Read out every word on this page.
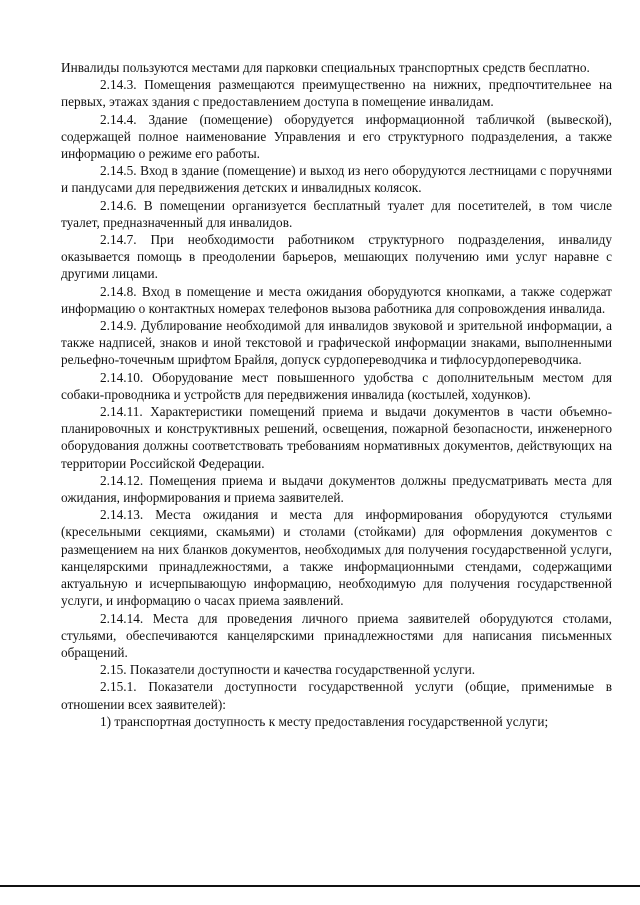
Инвалиды пользуются местами для парковки специальных транспортных средств бесплатно.

2.14.3. Помещения размещаются преимущественно на нижних, предпочтительнее на первых, этажах здания с предоставлением доступа в помещение инвалидам.

2.14.4. Здание (помещение) оборудуется информационной табличкой (вывеской), содержащей полное наименование Управления и его структурного подразделения, а также информацию о режиме его работы.

2.14.5. Вход в здание (помещение) и выход из него оборудуются лестницами с поручнями и пандусами для передвижения детских и инвалидных колясок.

2.14.6. В помещении организуется бесплатный туалет для посетителей, в том числе туалет, предназначенный для инвалидов.

2.14.7. При необходимости работником структурного подразделения, инвалиду оказывается помощь в преодолении барьеров, мешающих получению ими услуг наравне с другими лицами.

2.14.8. Вход в помещение и места ожидания оборудуются кнопками, а также содержат информацию о контактных номерах телефонов вызова работника для сопровождения инвалида.

2.14.9. Дублирование необходимой для инвалидов звуковой и зрительной информации, а также надписей, знаков и иной текстовой и графической информации знаками, выполненными рельефно-точечным шрифтом Брайля, допуск сурдопереводчика и тифлосурдопереводчика.

2.14.10. Оборудование мест повышенного удобства с дополнительным местом для собаки-проводника и устройств для передвижения инвалида (костылей, ходунков).

2.14.11. Характеристики помещений приема и выдачи документов в части объемно-планировочных и конструктивных решений, освещения, пожарной безопасности, инженерного оборудования должны соответствовать требованиям нормативных документов, действующих на территории Российской Федерации.

2.14.12. Помещения приема и выдачи документов должны предусматривать места для ожидания, информирования и приема заявителей.

2.14.13. Места ожидания и места для информирования оборудуются стульями (кресельными секциями, скамьями) и столами (стойками) для оформления документов с размещением на них бланков документов, необходимых для получения государственной услуги, канцелярскими принадлежностями, а также информационными стендами, содержащими актуальную и исчерпывающую информацию, необходимую для получения государственной услуги, и информацию о часах приема заявлений.

2.14.14. Места для проведения личного приема заявителей оборудуются столами, стульями, обеспечиваются канцелярскими принадлежностями для написания письменных обращений.

2.15. Показатели доступности и качества государственной услуги.

2.15.1. Показатели доступности государственной услуги (общие, применимые в отношении всех заявителей):

1) транспортная доступность к месту предоставления государственной услуги;
